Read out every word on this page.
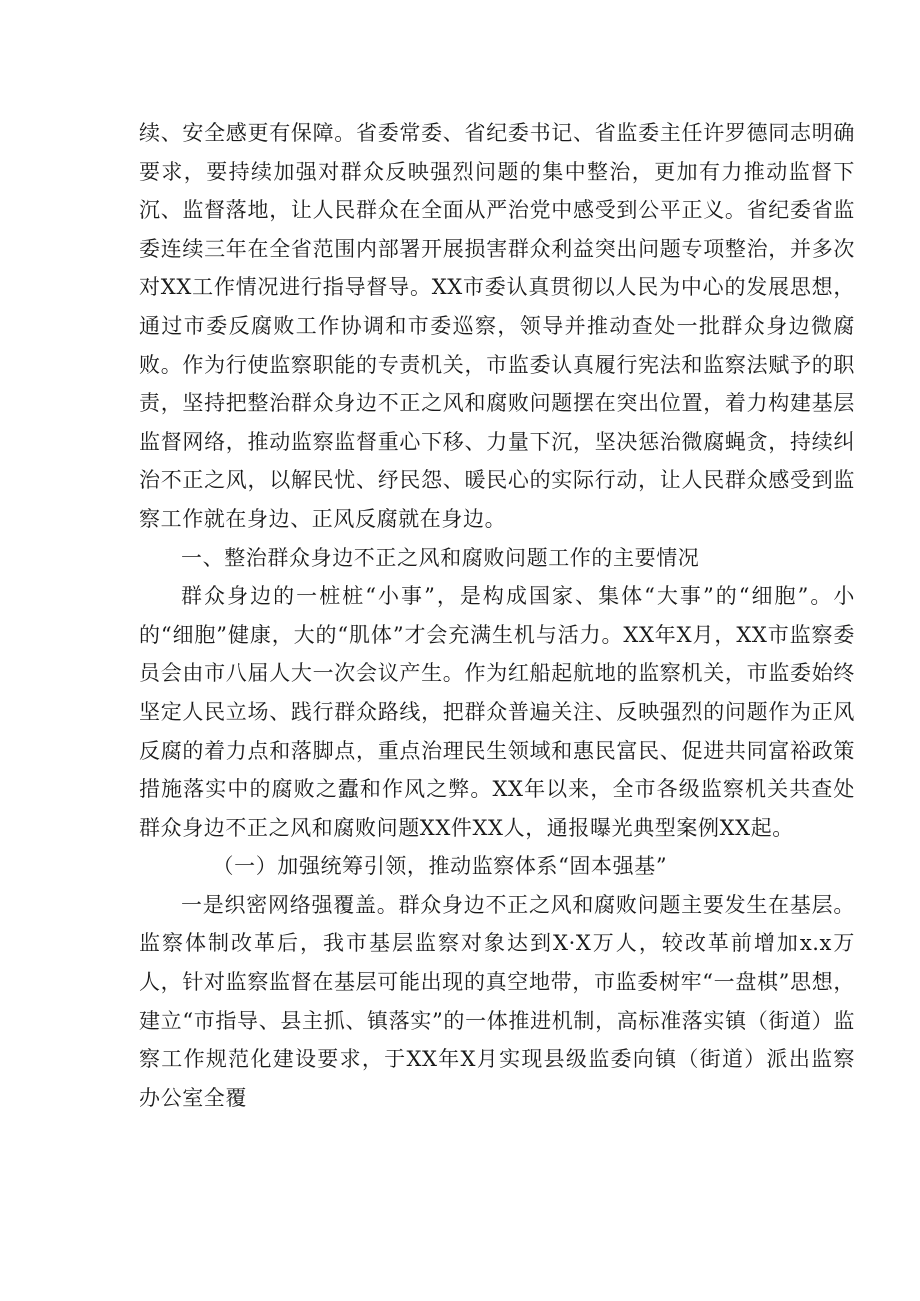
续、安全感更有保障。省委常委、省纪委书记、省监委主任许罗德同志明确要求，要持续加强对群众反映强烈问题的集中整治，更加有力推动监督下沉、监督落地，让人民群众在全面从严治党中感受到公平正义。省纪委省监委连续三年在全省范围内部署开展损害群众利益突出问题专项整治，并多次对XX工作情况进行指导督导。XX市委认真贯彻以人民为中心的发展思想，通过市委反腐败工作协调和市委巡察，领导并推动查处一批群众身边微腐败。作为行使监察职能的专责机关，市监委认真履行宪法和监察法赋予的职责，坚持把整治群众身边不正之风和腐败问题摆在突出位置，着力构建基层监督网络，推动监察监督重心下移、力量下沉，坚决惩治微腐蝇贪，持续纠治不正之风，以解民忧、纾民怨、暖民心的实际行动，让人民群众感受到监察工作就在身边、正风反腐就在身边。

一、整治群众身边不正之风和腐败问题工作的主要情况

群众身边的一桩桩“小事”，是构成国家、集体“大事”的“细胞”。小的“细胞”健康，大的“肌体”才会充满生机与活力。XX年X月，XX市监察委员会由市八届人大一次会议产生。作为红船起航地的监察机关，市监委始终坚定人民立场、践行群众路线，把群众普遍关注、反映强烈的问题作为正风反腐的着力点和落脚点，重点治理民生领域和惠民富民、促进共同富裕政策措施落实中的腐败之蠹和作风之弊。XX年以来，全市各级监察机关共查处群众身边不正之风和腐败问题XX件XX人，通报曝光典型案例XX起。

（一）加强统筹引领，推动监察体系“固本强基”

一是织密网络强覆盖。群众身边不正之风和腐败问题主要发生在基层。监察体制改革后，我市基层监察对象达到X·X万人，较改革前增加x.x万人，针对监察监督在基层可能出现的真空地带，市监委树牢“一盘棋”思想，建立“市指导、县主抓、镇落实”的一体推进机制，高标准落实镇（街道）监察工作规范化建设要求，于XX年X月实现县级监委向镇（街道）派出监察办公室全覆
